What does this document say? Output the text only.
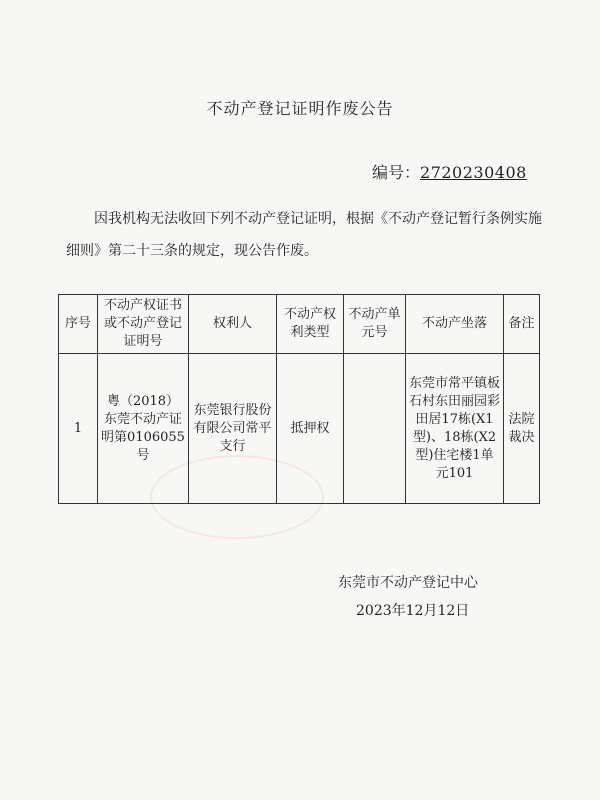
不动产登记证明作废公告
编号：2720230408
因我机构无法收回下列不动产登记证明，根据《不动产登记暂行条例实施细则》第二十三条的规定，现公告作废。
序号	不动产权证书或不动产登记证明号	权利人	不动产权利类型	不动产单元号	不动产坐落	备注
1	粤（2018）东莞不动产证明第0106055号	东莞银行股份有限公司常平支行	抵押权		东莞市常平镇板石村东田丽园彩田居17栋(X1型)、18栋(X2型)住宅楼1单元101	法院裁决
东莞市不动产登记中心
2023年12月12日
